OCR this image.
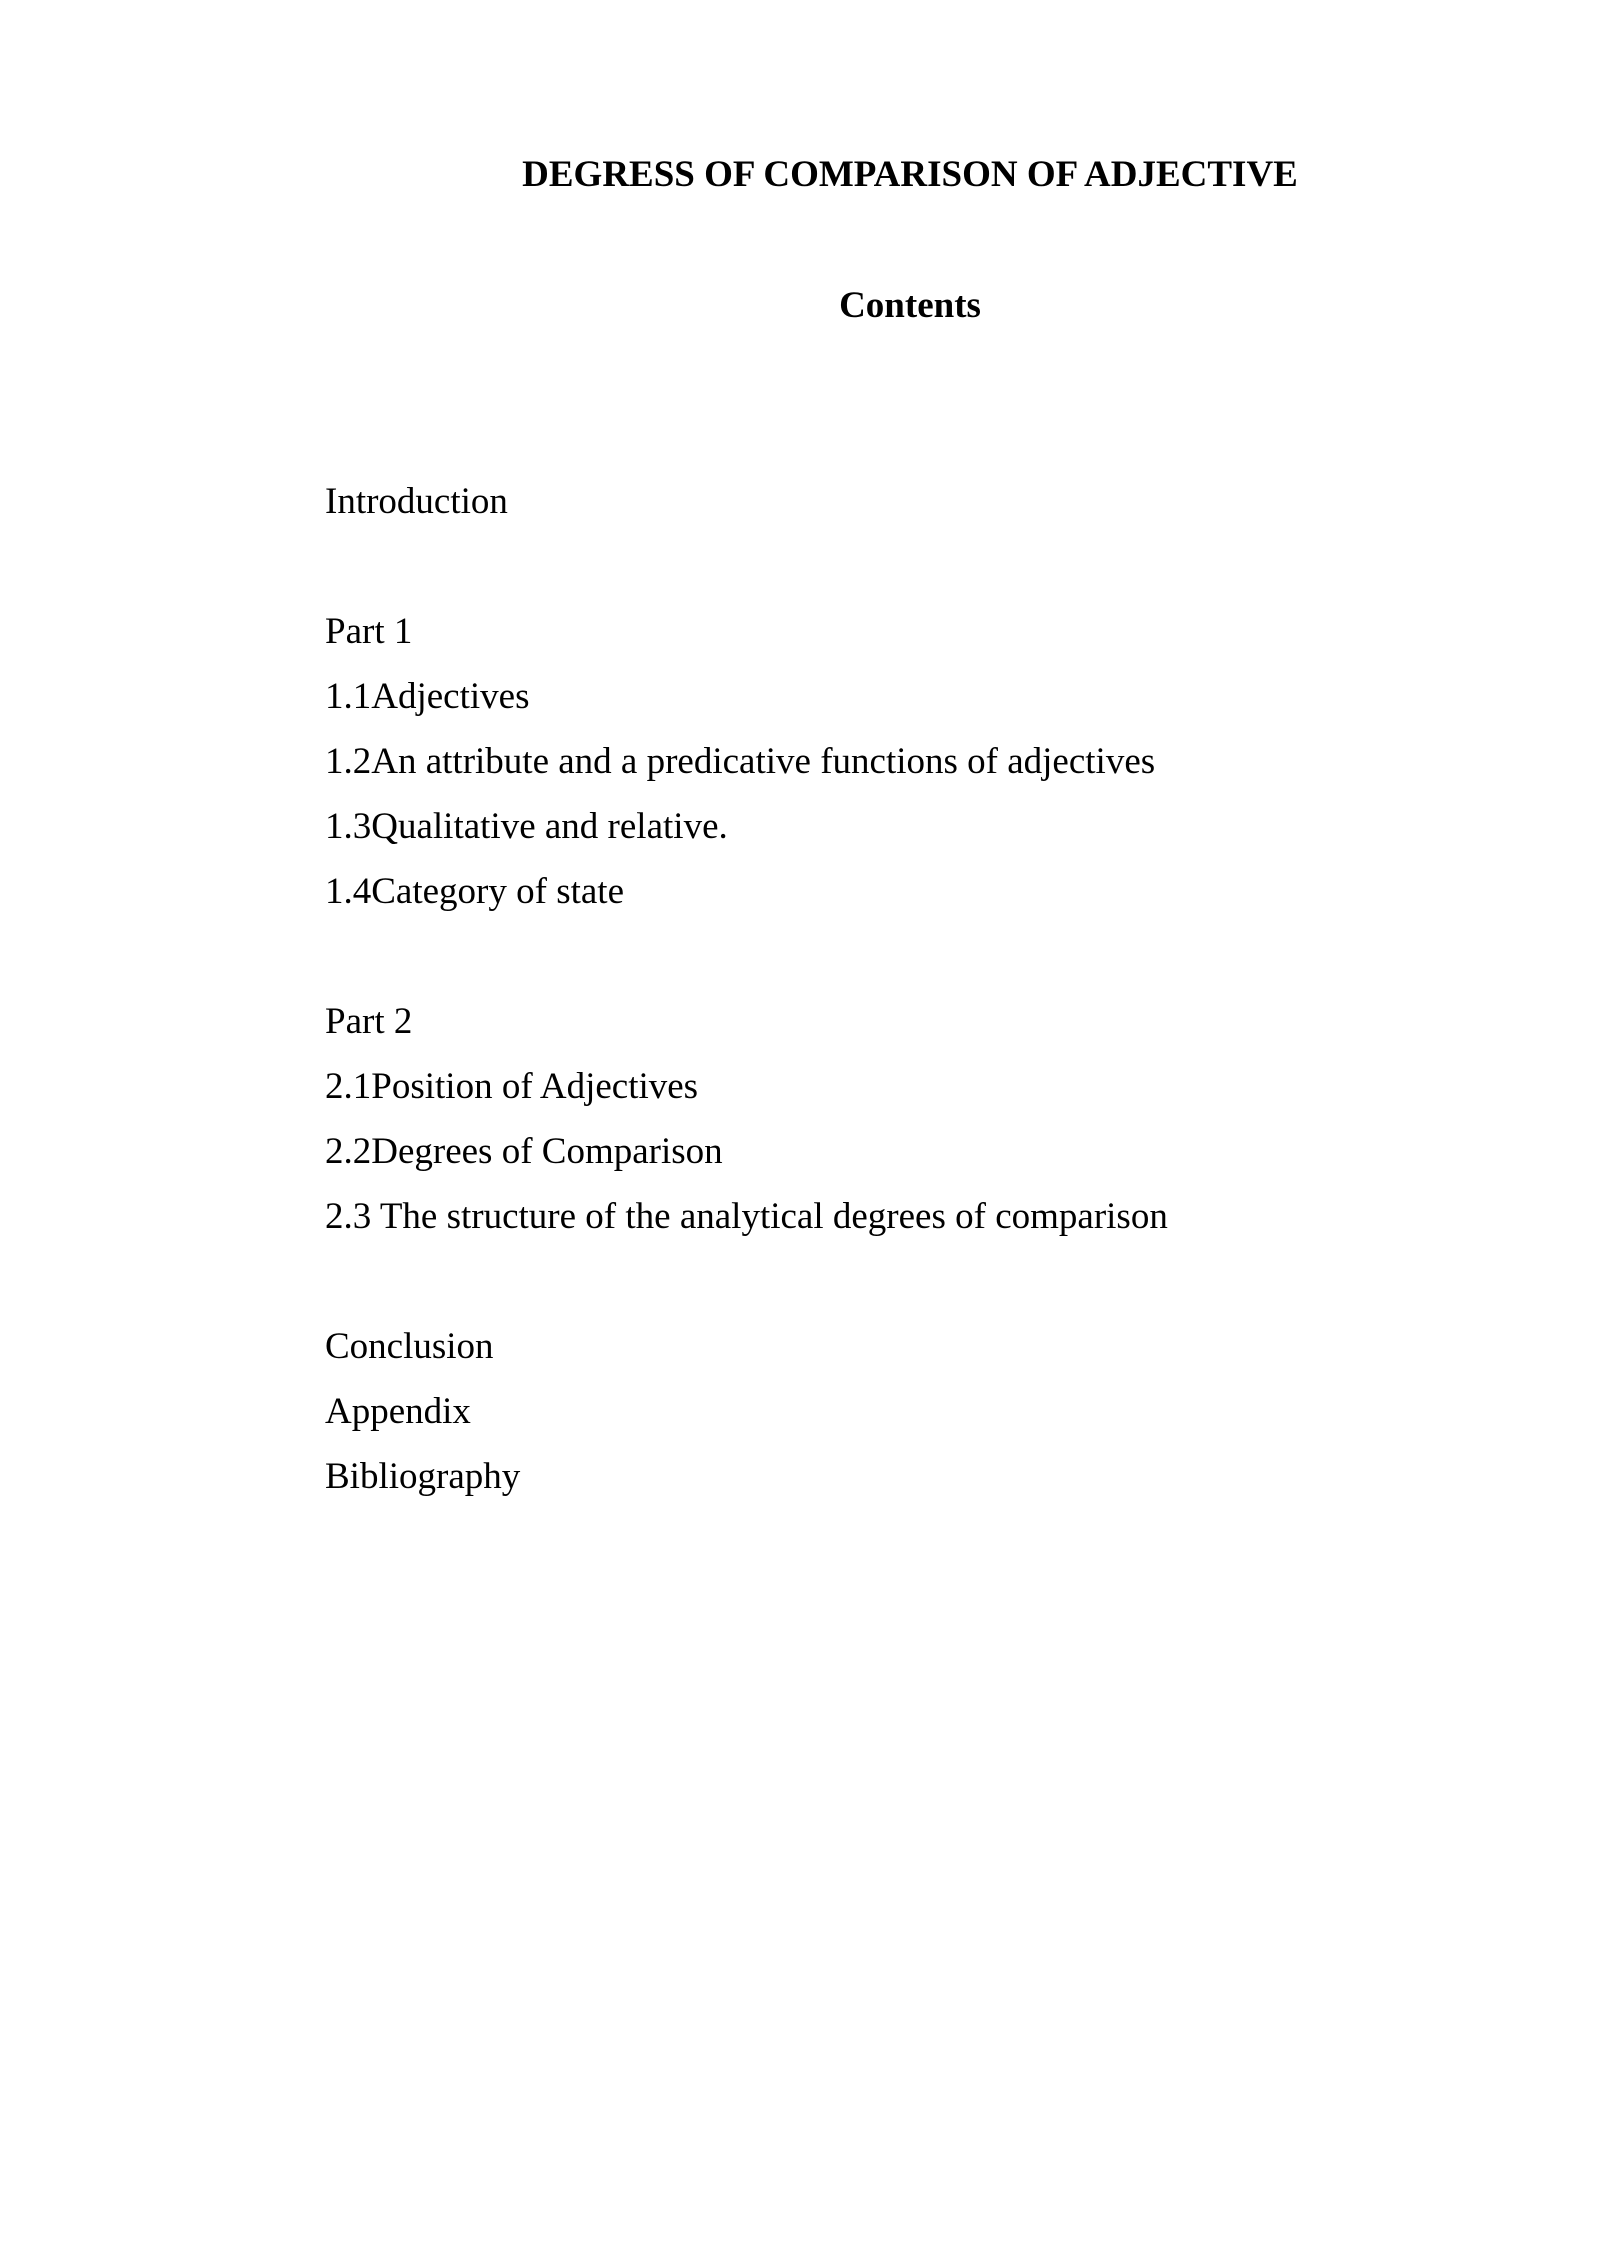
DEGRESS OF COMPARISON OF ADJECTIVE
Contents
Introduction
Part 1
1.1Adjectives
1.2An attribute and a predicative functions of adjectives
1.3Qualitative and relative.
1.4Category of state
Part 2
2.1Position of Adjectives
2.2Degrees of Comparison
2.3 The structure of the analytical degrees of comparison
Conclusion
Appendix
Bibliography
